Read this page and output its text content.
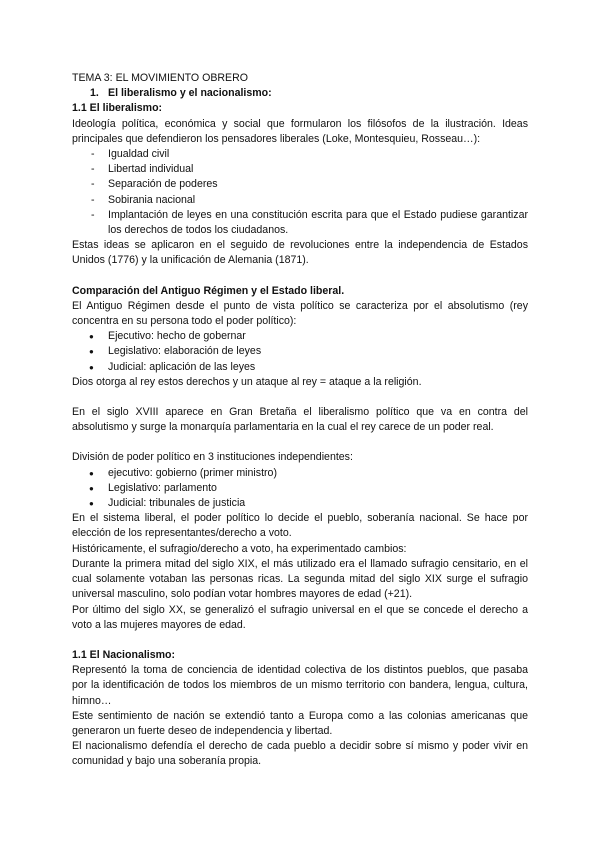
TEMA 3: EL MOVIMIENTO OBRERO

1. El liberalismo y el nacionalismo:

1.1 El liberalismo:

Ideología política, económica y social que formularon los filósofos de la ilustración. Ideas principales que defendieron los pensadores liberales (Loke, Montesquieu, Rosseau…):

- Igualdad civil
- Libertad individual
- Separación de poderes
- Sobirania nacional
- Implantación de leyes en una constitución escrita para que el Estado pudiese garantizar los derechos de todos los ciudadanos.

Estas ideas se aplicaron en el seguido de revoluciones entre la independencia de Estados Unidos (1776) y la unificación de Alemania (1871).

Comparación del Antiguo Régimen y el Estado liberal.

El Antiguo Régimen desde el punto de vista político se caracteriza por el absolutismo (rey concentra en su persona todo el poder político):

● Ejecutivo: hecho de gobernar
● Legislativo: elaboración de leyes
● Judicial: aplicación de las leyes

Dios otorga al rey estos derechos y un ataque al rey = ataque a la religión.

En el siglo XVIII aparece en Gran Bretaña el liberalismo político que va en contra del absolutismo y surge la monarquía parlamentaria en la cual el rey carece de un poder real.

División de poder político en 3 instituciones independientes:

● ejecutivo: gobierno (primer ministro)
● Legislativo: parlamento
● Judicial: tribunales de justicia

En el sistema liberal, el poder político lo decide el pueblo, soberanía nacional. Se hace por elección de los representantes/derecho a voto.

Históricamente, el sufragio/derecho a voto, ha experimentado cambios:

Durante la primera mitad del siglo XIX, el más utilizado era el llamado sufragio censitario, en el cual solamente votaban las personas ricas. La segunda mitad del siglo XIX surge el sufragio universal masculino, solo podían votar hombres mayores de edad (+21).

Por último del siglo XX, se generalizó el sufragio universal en el que se concede el derecho a voto a las mujeres mayores de edad.

1.1 El Nacionalismo:

Representó la toma de conciencia de identidad colectiva de los distintos pueblos, que pasaba por la identificación de todos los miembros de un mismo territorio con bandera, lengua, cultura, himno…

Este sentimiento de nación se extendió tanto a Europa como a las colonias americanas que generaron un fuerte deseo de independencia y libertad.

El nacionalismo defendía el derecho de cada pueblo a decidir sobre sí mismo y poder vivir en comunidad y bajo una soberanía propia.
